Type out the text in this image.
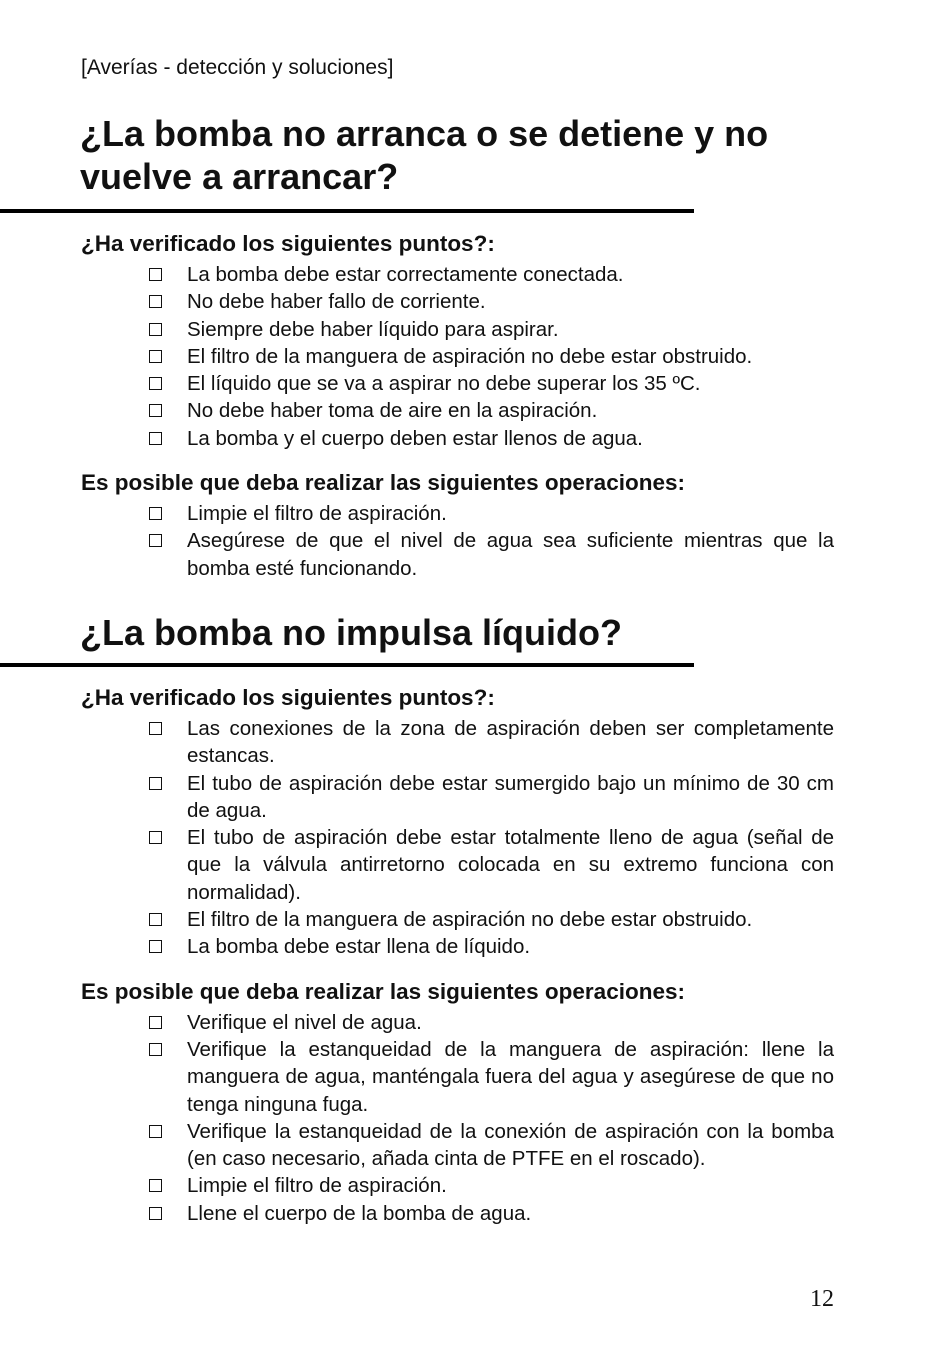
[Averías - detección y soluciones]
¿La bomba no arranca o se detiene y no vuelve a arrancar?
¿Ha verificado los siguientes puntos?:
La bomba debe estar correctamente conectada.
No debe haber fallo de corriente.
Siempre debe haber líquido para aspirar.
El filtro de la manguera de aspiración no debe estar obstruido.
El líquido que se va a aspirar no debe superar los 35 ºC.
No debe haber toma de aire en la aspiración.
La bomba y el cuerpo deben estar llenos de agua.
Es posible que deba realizar las siguientes operaciones:
Limpie el filtro de aspiración.
Asegúrese de que el nivel de agua sea suficiente mientras que la bomba esté funcionando.
¿La bomba no impulsa líquido?
¿Ha verificado los siguientes puntos?:
Las conexiones de la zona de aspiración deben ser completamente estancas.
El tubo de aspiración debe estar sumergido bajo un mínimo de 30 cm de agua.
El tubo de aspiración debe estar totalmente lleno de agua (señal de que la válvula antirretorno colocada en su extremo funciona con normalidad).
El filtro de la manguera de aspiración no debe estar obstruido.
La bomba debe estar llena de líquido.
Es posible que deba realizar las siguientes operaciones:
Verifique el nivel de agua.
Verifique la estanqueidad de la manguera de aspiración: llene la manguera de agua, manténgala fuera del agua y asegúrese de que no tenga ninguna fuga.
Verifique la estanqueidad de la conexión de aspiración con la bomba (en caso necesario, añada cinta de PTFE en el roscado).
Limpie el filtro de aspiración.
Llene el cuerpo de la bomba de agua.
12
